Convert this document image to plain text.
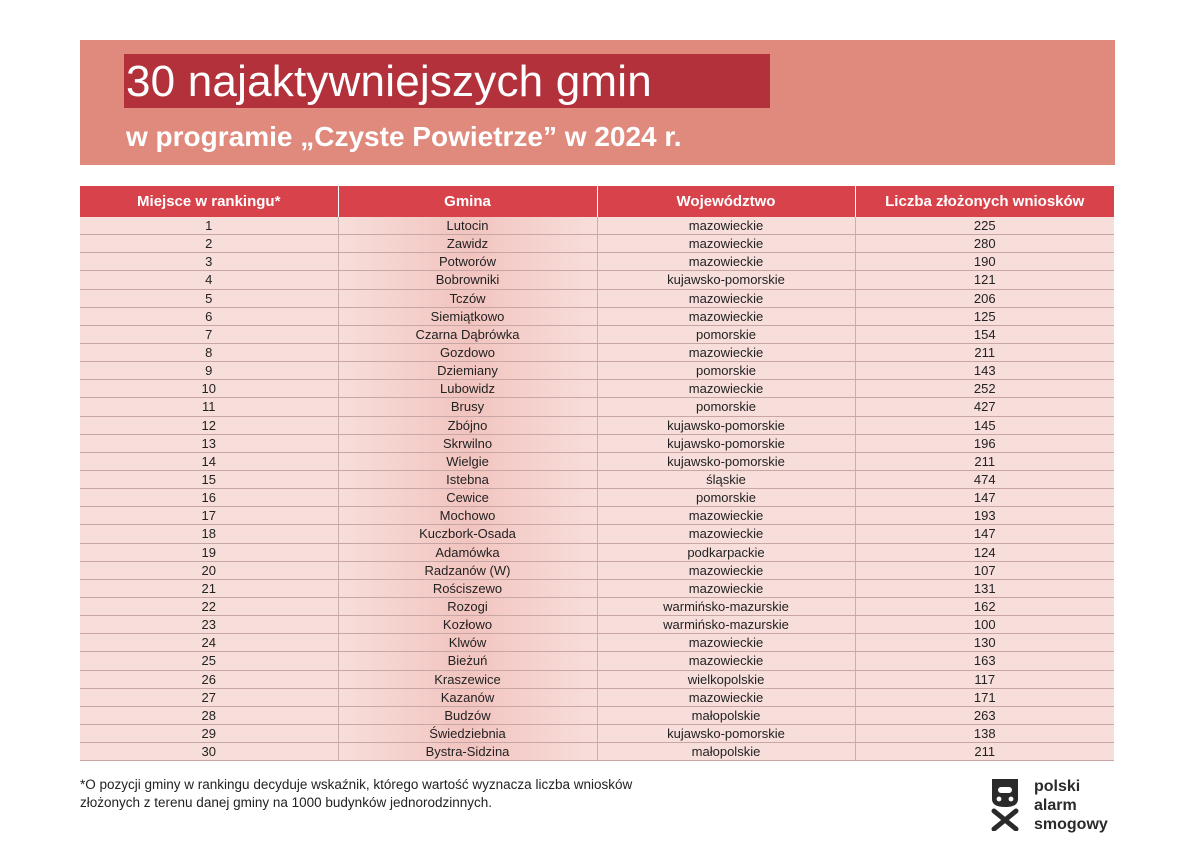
30 najaktywniejszych gmin
w programie „Czyste Powietrze” w 2024 r.
Miejsce w rankingu*	Gmina	Województwo	Liczba złożonych wniosków
1	Lutocin	mazowieckie	225
2	Zawidz	mazowieckie	280
3	Potworów	mazowieckie	190
4	Bobrowniki	kujawsko-pomorskie	121
5	Tczów	mazowieckie	206
6	Siemiątkowo	mazowieckie	125
7	Czarna Dąbrówka	pomorskie	154
8	Gozdowo	mazowieckie	211
9	Dziemiany	pomorskie	143
10	Lubowidz	mazowieckie	252
11	Brusy	pomorskie	427
12	Zbójno	kujawsko-pomorskie	145
13	Skrwilno	kujawsko-pomorskie	196
14	Wielgie	kujawsko-pomorskie	211
15	Istebna	śląskie	474
16	Cewice	pomorskie	147
17	Mochowo	mazowieckie	193
18	Kuczbork-Osada	mazowieckie	147
19	Adamówka	podkarpackie	124
20	Radzanów (W)	mazowieckie	107
21	Rościszewo	mazowieckie	131
22	Rozogi	warmińsko-mazurskie	162
23	Kozłowo	warmińsko-mazurskie	100
24	Klwów	mazowieckie	130
25	Bieżuń	mazowieckie	163
26	Kraszewice	wielkopolskie	117
27	Kazanów	mazowieckie	171
28	Budzów	małopolskie	263
29	Świedziebnia	kujawsko-pomorskie	138
30	Bystra-Sidzina	małopolskie	211
*O pozycji gminy w rankingu decyduje wskaźnik, którego wartość wyznacza liczba wniosków
złożonych z terenu danej gminy na 1000 budynków jednorodzinnych.
polski
alarm
smogowy
